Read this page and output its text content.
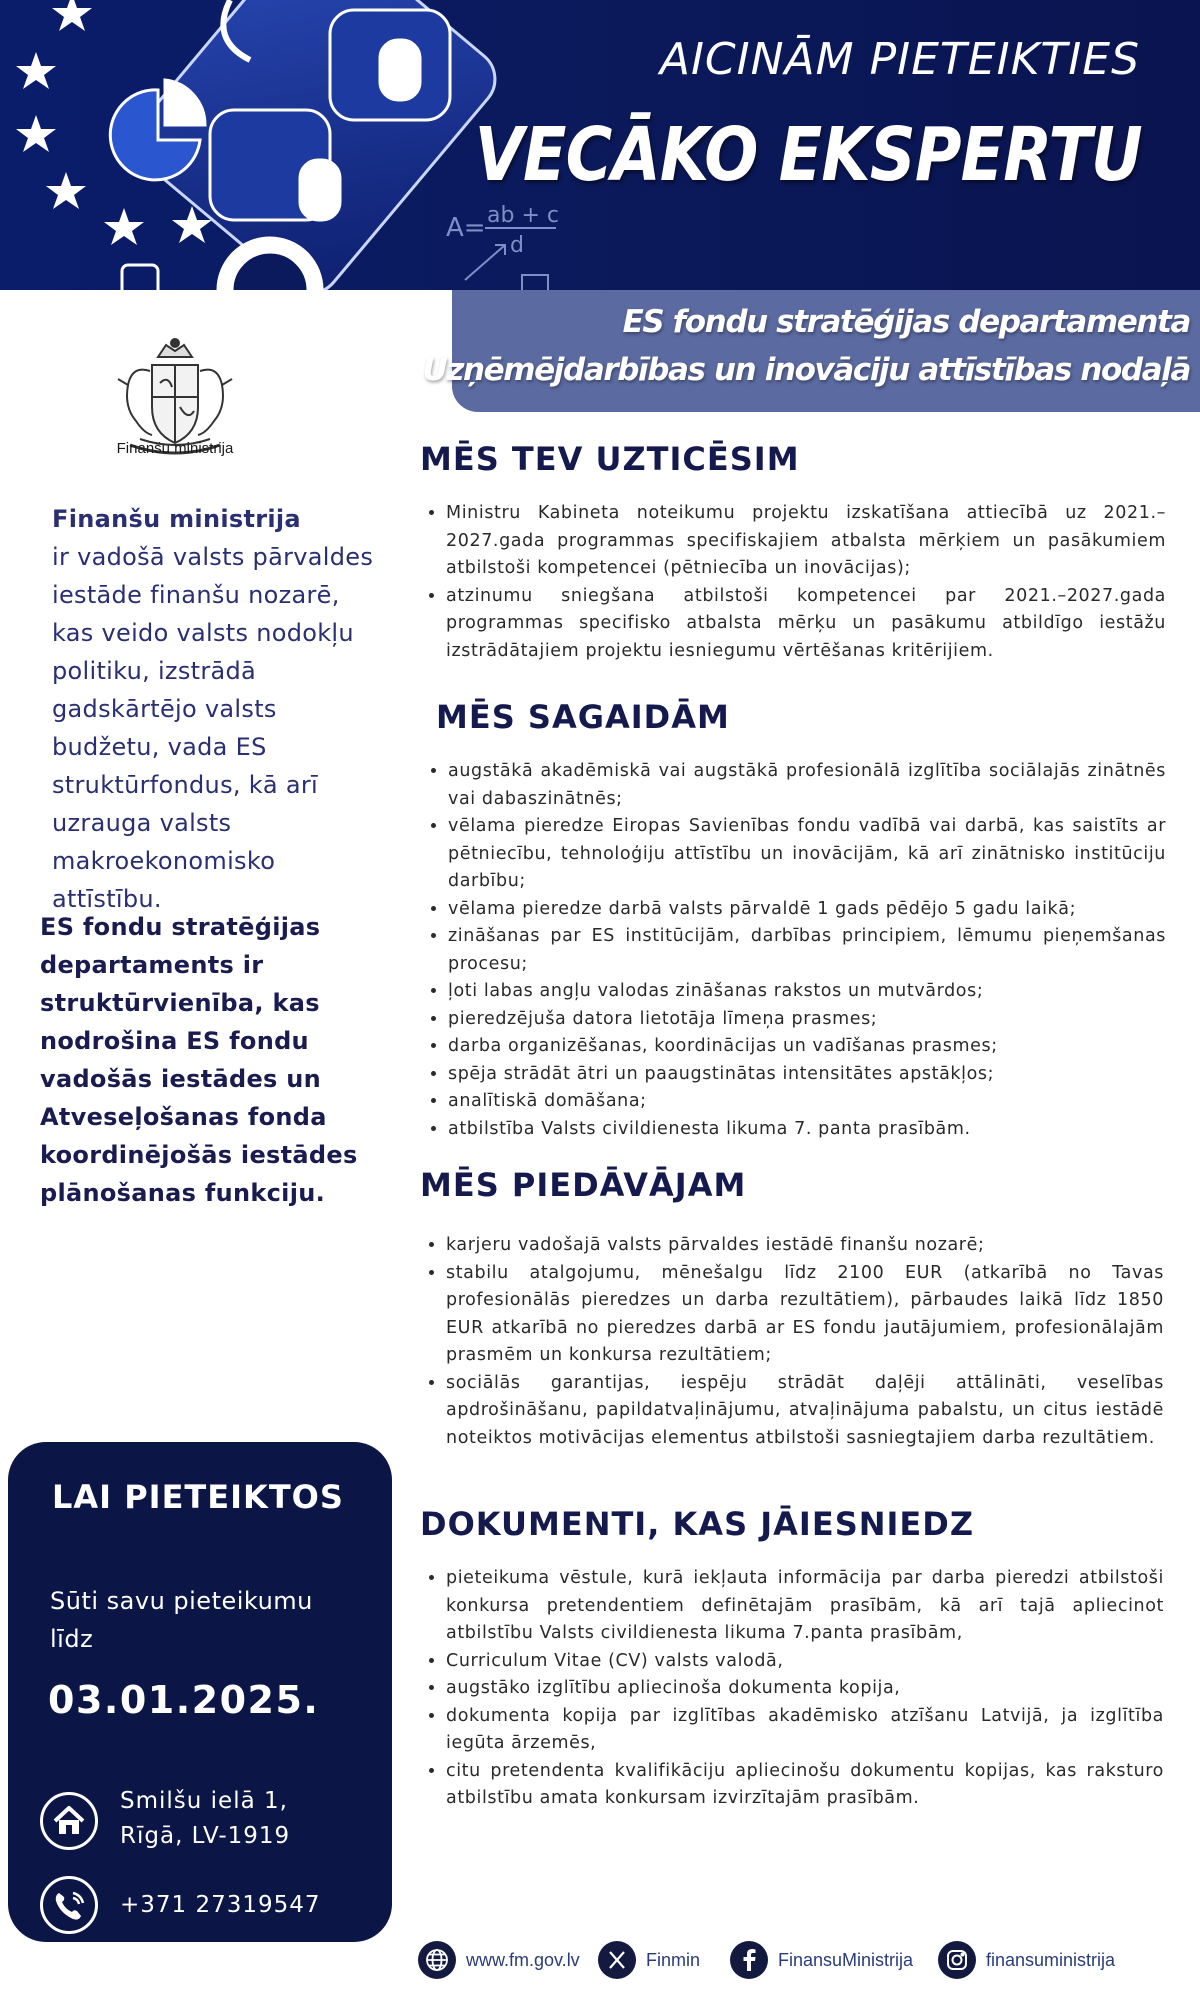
A= ab + c
d
AICINĀM PIETEIKTIES
VECĀKO EKSPERTU
ES fondu stratēģijas departamenta
Uzņēmējdarbības un inovāciju attīstības nodaļā
Finanšu ministrija
Finanšu ministrija
ir vadošā valsts pārvaldes iestāde finanšu nozarē, kas veido valsts nodokļu politiku, izstrādā gadskārtējo valsts budžetu, vada ES struktūrfondus, kā arī uzrauga valsts makroekonomisko attīstību.
ES fondu stratēģijas departaments ir struktūrvienība, kas nodrošina ES fondu vadošās iestādes un Atveseļošanas fonda koordinējošās iestādes plānošanas funkciju.
LAI PIETEIKTOS
Sūti savu pieteikumu līdz
03.01.2025.
Smilšu ielā 1,
Rīgā, LV-1919
+371 27319547
MĒS TEV UZTICĒSIM
• Ministru Kabineta noteikumu projektu izskatīšana attiecībā uz 2021.–2027.gada programmas specifiskajiem atbalsta mērķiem un pasākumiem atbilstoši kompetencei (pētniecība un inovācijas);
• atzinumu sniegšana atbilstoši kompetencei par 2021.–2027.gada programmas specifisko atbalsta mērķu un pasākumu atbildīgo iestāžu izstrādātajiem projektu iesniegumu vērtēšanas kritērijiem.
MĒS SAGAIDĀM
• augstākā akadēmiskā vai augstākā profesionālā izglītība sociālajās zinātnēs vai dabaszinātnēs;
• vēlama pieredze Eiropas Savienības fondu vadībā vai darbā, kas saistīts ar pētniecību, tehnoloģiju attīstību un inovācijām, kā arī zinātnisko institūciju darbību;
• vēlama pieredze darbā valsts pārvaldē 1 gads pēdējo 5 gadu laikā;
• zināšanas par ES institūcijām, darbības principiem, lēmumu pieņemšanas procesu;
• ļoti labas angļu valodas zināšanas rakstos un mutvārdos;
• pieredzējuša datora lietotāja līmeņa prasmes;
• darba organizēšanas, koordinācijas un vadīšanas prasmes;
• spēja strādāt ātri un paaugstinātas intensitātes apstākļos;
• analītiskā domāšana;
• atbilstība Valsts civildienesta likuma 7. panta prasībām.
MĒS PIEDĀVĀJAM
• karjeru vadošajā valsts pārvaldes iestādē finanšu nozarē;
• stabilu atalgojumu, mēnešalgu līdz 2100 EUR (atkarībā no Tavas profesionālās pieredzes un darba rezultātiem), pārbaudes laikā līdz 1850 EUR atkarībā no pieredzes darbā ar ES fondu jautājumiem, profesionālajām prasmēm un konkursa rezultātiem;
• sociālās garantijas, iespēju strādāt daļēji attālināti, veselības apdrošināšanu, papildatvaļinājumu, atvaļinājuma pabalstu, un citus iestādē noteiktos motivācijas elementus atbilstoši sasniegtajiem darba rezultātiem.
DOKUMENTI, KAS JĀIESNIEDZ
• pieteikuma vēstule, kurā iekļauta informācija par darba pieredzi atbilstoši konkursa pretendentiem definētajām prasībām, kā arī tajā apliecinot atbilstību Valsts civildienesta likuma 7.panta prasībām,
• Curriculum Vitae (CV) valsts valodā,
• augstāko izglītību apliecinoša dokumenta kopija,
• dokumenta kopija par izglītības akadēmisko atzīšanu Latvijā, ja izglītība iegūta ārzemēs,
• citu pretendenta kvalifikāciju apliecinošu dokumentu kopijas, kas raksturo atbilstību amata konkursam izvirzītajām prasībām.
www.fm.gov.lv	Finmin	FinansuMinistrija	finansuministrija
